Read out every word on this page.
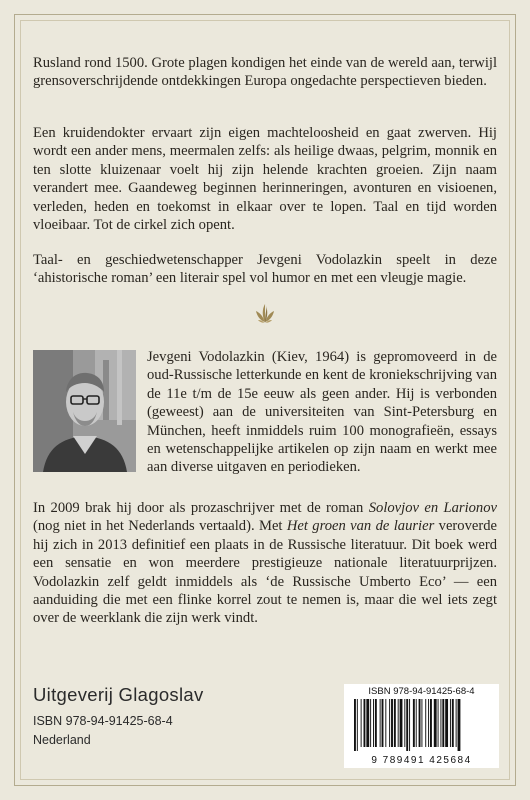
Rusland rond 1500. Grote plagen kondigen het einde van de wereld aan, terwijl grensoverschrijdende ontdekkingen Europa ongedachte perspectieven bieden.

Een kruidendokter ervaart zijn eigen machteloosheid en gaat zwerven. Hij wordt een ander mens, meermalen zelfs: als heilige dwaas, pelgrim, monnik en ten slotte kluizenaar voelt hij zijn helende krachten groeien. Zijn naam verandert mee. Gaandeweg beginnen herinneringen, avonturen en visioenen, verleden, heden en toekomst in elkaar over te lopen. Taal en tijd worden vloeibaar. Tot de cirkel zich opent.

Taal- en geschiedwetenschapper Jevgeni Vodolazkin speelt in deze ‘ahistorische roman’ een literair spel vol humor en met een vleugje magie.

Jevgeni Vodolazkin (Kiev, 1964) is gepromoveerd in de oud-Russische letterkunde en kent de kroniekschrijving van de 11e t/m de 15e eeuw als geen ander. Hij is verbonden (geweest) aan de universiteiten van Sint-Petersburg en München, heeft inmiddels ruim 100 monografieën, essays en wetenschappelijke artikelen op zijn naam en werkt mee aan diverse uitgaven en periodieken.

In 2009 brak hij door als prozaschrijver met de roman Solovjov en Larionov (nog niet in het Nederlands vertaald). Met Het groen van de laurier veroverde hij zich in 2013 definitief een plaats in de Russische literatuur. Dit boek werd een sensatie en won meerdere prestigieuze nationale literatuurprijzen. Vodolazkin zelf geldt inmiddels als ‘de Russische Umberto Eco’ — een aanduiding die met een flinke korrel zout te nemen is, maar die wel iets zegt over de weerklank die zijn werk vindt.

Uitgeverij Glagoslav
ISBN 978-94-91425-68-4
Nederland
ISBN 978-94-91425-68-4
9 789491 425684
